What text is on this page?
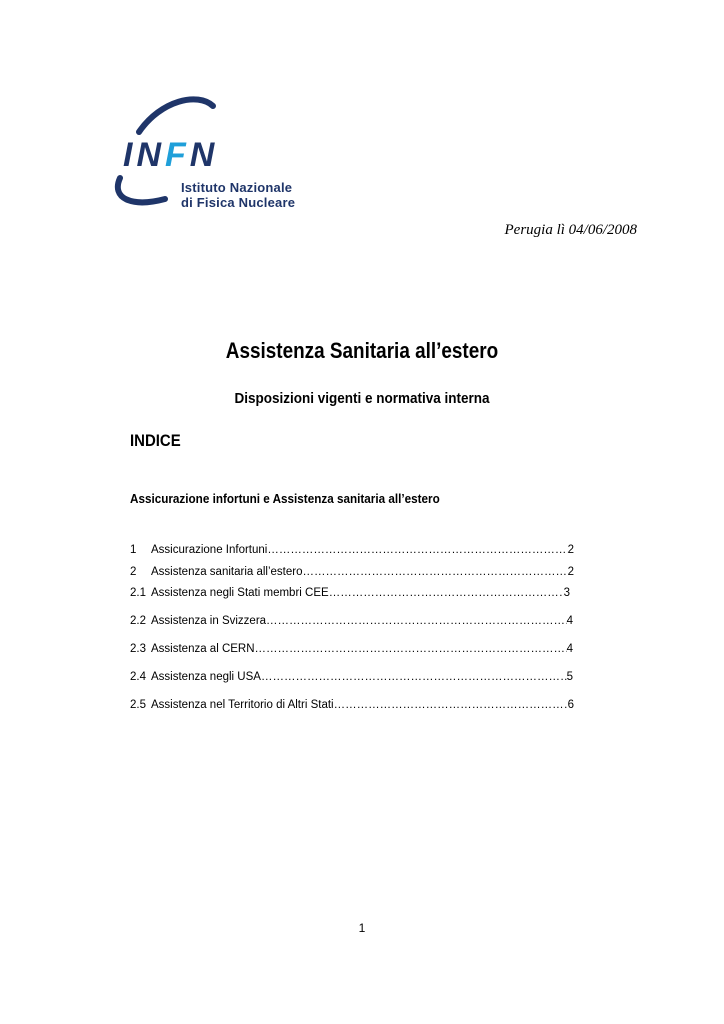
INFN
Istituto Nazionale
di Fisica Nucleare
Perugia lì 04/06/2008
Assistenza Sanitaria all’estero
Disposizioni vigenti e normativa interna
INDICE
Assicurazione infortuni e Assistenza sanitaria all’estero
1	Assicurazione Infortuni ……………………………………………………………………………………………………………………………………………………	2
2	Assistenza sanitaria all’estero ……………………………………………………………………………………………………………………………………………………	2
2.1 Assistenza negli Stati membri CEE ……………………………………………………………………………………………………………………………………………………	3
2.2 Assistenza in Svizzera ……………………………………………………………………………………………………………………………………………………	4
2.3 Assistenza al CERN ……………………………………………………………………………………………………………………………………………………	4
2.4 Assistenza negli USA ……………………………………………………………………………………………………………………………………………………	5
2.5 Assistenza nel Territorio di Altri Stati ……………………………………………………………………………………………………………………………………………………	6
1
